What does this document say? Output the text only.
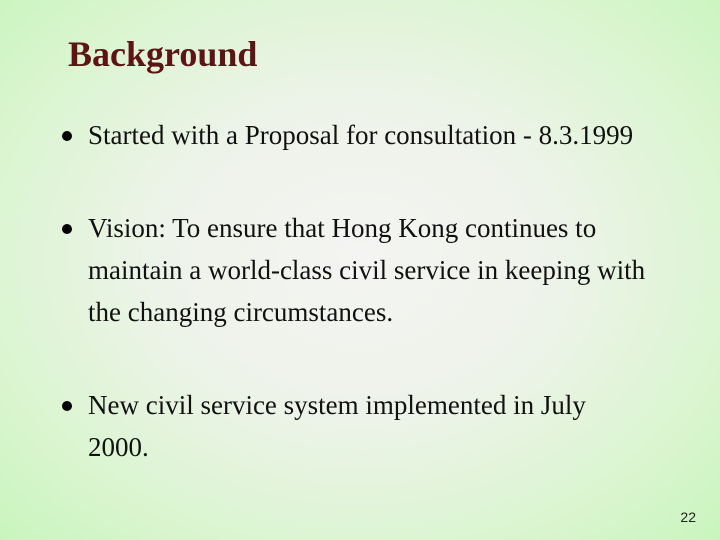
Background
Started with a Proposal for consultation - 8.3.1999
Vision: To ensure that Hong Kong continues to maintain a world-class civil service in keeping with the changing circumstances.
New civil service system implemented in July 2000.
22
